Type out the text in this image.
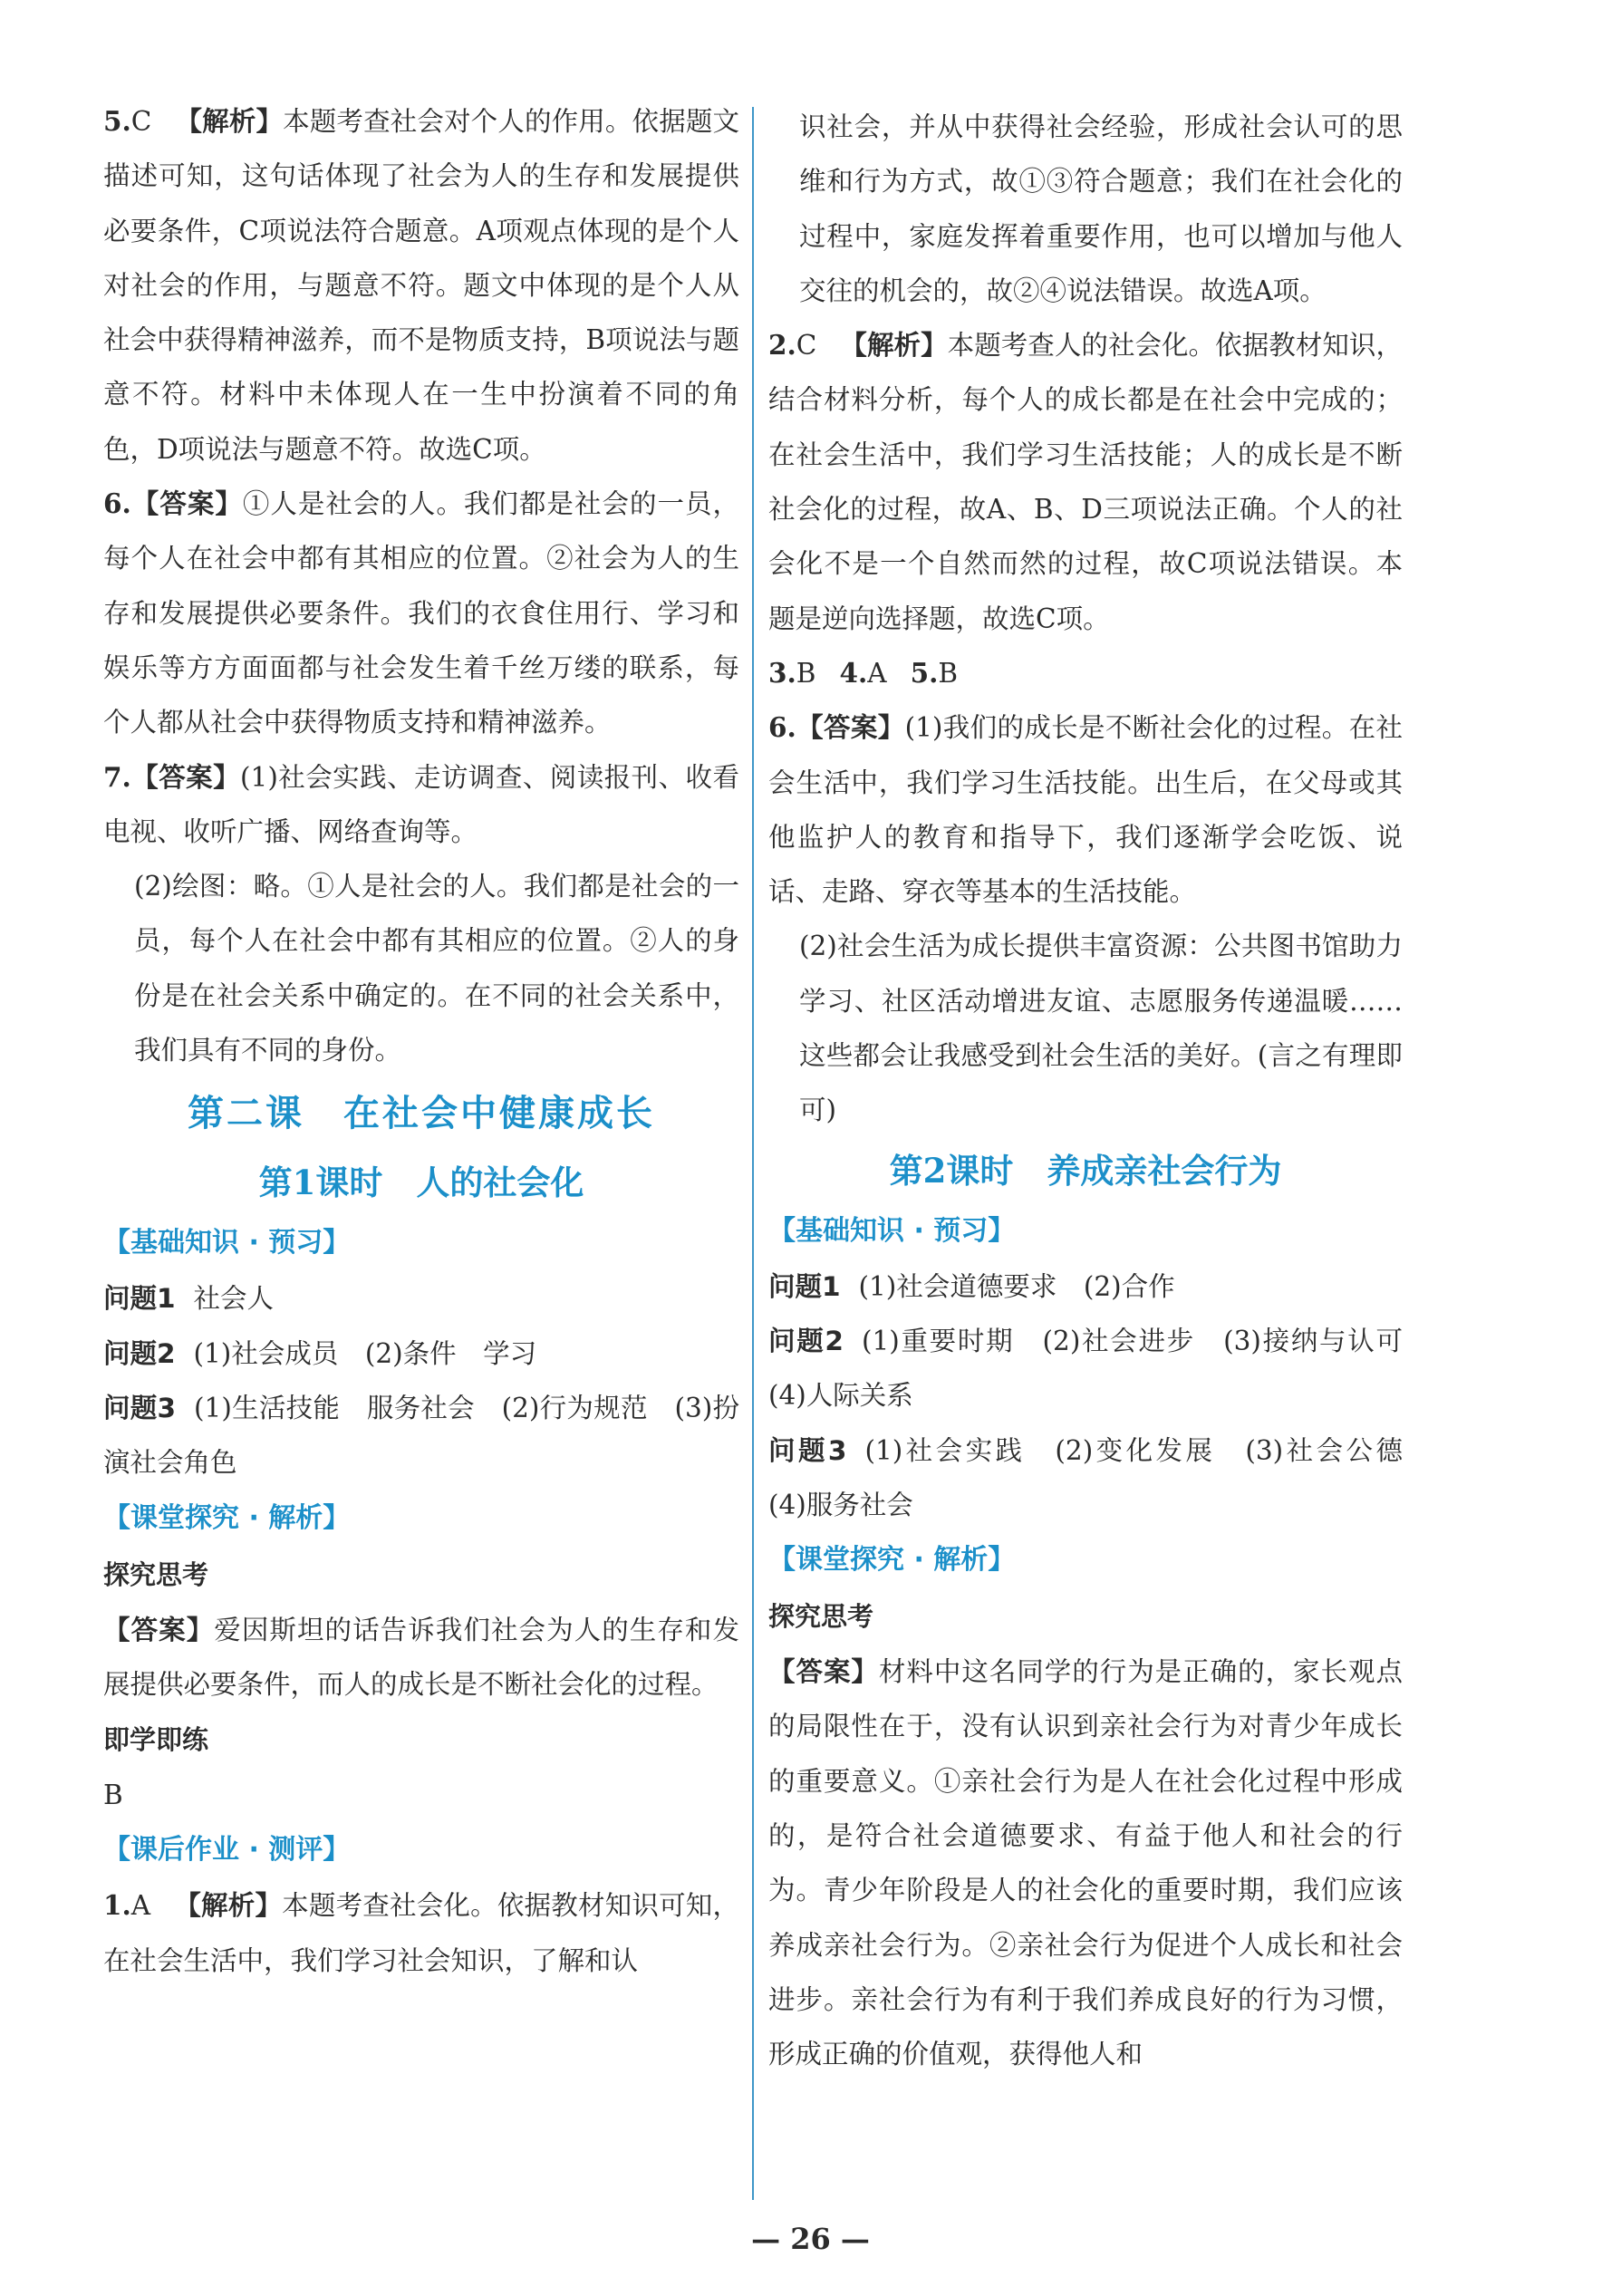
5.C 【解析】本题考查社会对个人的作用。依据题文描述可知，这句话体现了社会为人的生存和发展提供必要条件，C项说法符合题意。A项观点体现的是个人对社会的作用，与题意不符。题文中体现的是个人从社会中获得精神滋养，而不是物质支持，B项说法与题意不符。材料中未体现人在一生中扮演着不同的角色，D项说法与题意不符。故选C项。

6.【答案】①人是社会的人。我们都是社会的一员，每个人在社会中都有其相应的位置。②社会为人的生存和发展提供必要条件。我们的衣食住用行、学习和娱乐等方方面面都与社会发生着千丝万缕的联系，每个人都从社会中获得物质支持和精神滋养。

7.【答案】(1)社会实践、走访调查、阅读报刊、收看电视、收听广播、网络查询等。

(2)绘图：略。①人是社会的人。我们都是社会的一员，每个人在社会中都有其相应的位置。②人的身份是在社会关系中确定的。在不同的社会关系中，我们具有不同的身份。

第二课　在社会中健康成长

第1课时　人的社会化

【基础知识 · 预习】

问题1 社会人

问题2 (1)社会成员　(2)条件　学习

问题3 (1)生活技能　服务社会　(2)行为规范　(3)扮演社会角色

【课堂探究 · 解析】

探究思考

【答案】爱因斯坦的话告诉我们社会为人的生存和发展提供必要条件，而人的成长是不断社会化的过程。

即学即练

B

【课后作业 · 测评】

1.A 【解析】本题考查社会化。依据教材知识可知，在社会生活中，我们学习社会知识，了解和认

识社会，并从中获得社会经验，形成社会认可的思维和行为方式，故①③符合题意；我们在社会化的过程中，家庭发挥着重要作用，也可以增加与他人交往的机会的，故②④说法错误。故选A项。

2.C 【解析】本题考查人的社会化。依据教材知识，结合材料分析，每个人的成长都是在社会中完成的；在社会生活中，我们学习生活技能；人的成长是不断社会化的过程，故A、B、D三项说法正确。个人的社会化不是一个自然而然的过程，故C项说法错误。本题是逆向选择题，故选C项。

3.B 4.A 5.B

6.【答案】(1)我们的成长是不断社会化的过程。在社会生活中，我们学习生活技能。出生后，在父母或其他监护人的教育和指导下，我们逐渐学会吃饭、说话、走路、穿衣等基本的生活技能。

(2)社会生活为成长提供丰富资源：公共图书馆助力学习、社区活动增进友谊、志愿服务传递温暖……这些都会让我感受到社会生活的美好。(言之有理即可)

第2课时　养成亲社会行为

【基础知识 · 预习】

问题1 (1)社会道德要求　(2)合作

问题2 (1)重要时期　(2)社会进步　(3)接纳与认可　(4)人际关系

问题3 (1)社会实践　(2)变化发展　(3)社会公德　(4)服务社会

【课堂探究 · 解析】

探究思考

【答案】材料中这名同学的行为是正确的，家长观点的局限性在于，没有认识到亲社会行为对青少年成长的重要意义。①亲社会行为是人在社会化过程中形成的，是符合社会道德要求、有益于他人和社会的行为。青少年阶段是人的社会化的重要时期，我们应该养成亲社会行为。②亲社会行为促进个人成长和社会进步。亲社会行为有利于我们养成良好的行为习惯，形成正确的价值观，获得他人和

— 26 —
